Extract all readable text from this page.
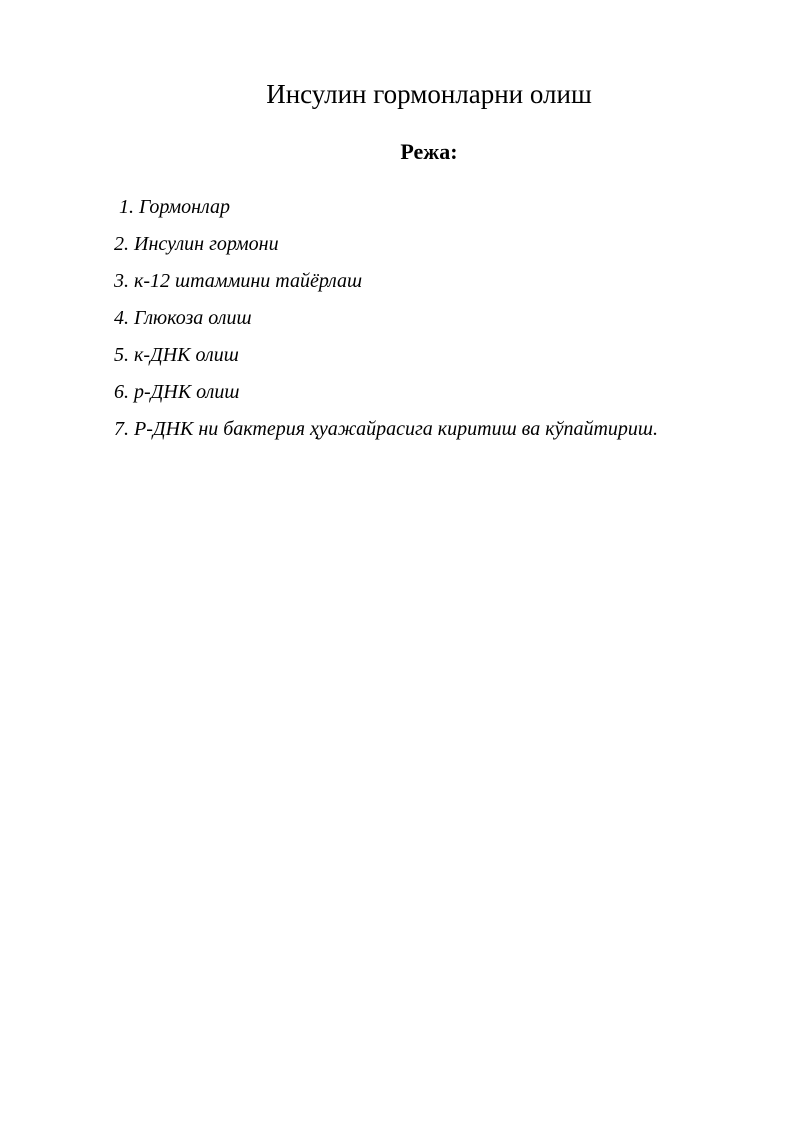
Инсулин гормонларни олиш
Режа:
1. Гормонлар
2. Инсулин гормони
3. к-12 штаммини тайёрлаш
4. Глюкоза олиш
5. к-ДНК олиш
6. р-ДНК олиш
7. Р-ДНК ни бактерия ҳуажайрасига киритиш ва кўпайтириш.
